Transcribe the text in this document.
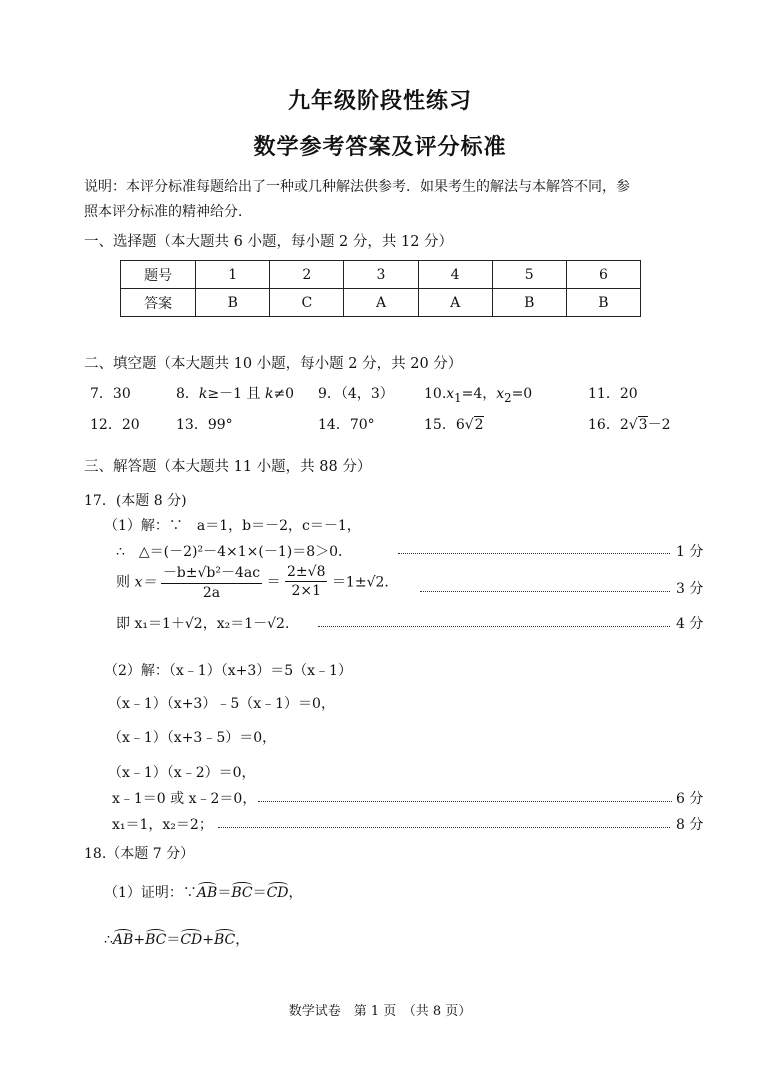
九年级阶段性练习
数学参考答案及评分标准
说明：本评分标准每题给出了一种或几种解法供参考．如果考生的解法与本解答不同，参
照本评分标准的精神给分．
一、选择题（本大题共 6 小题，每小题 2 分，共 12 分）
题号	1	2	3	4	5	6
答案	B	C	A	A	B	B
二、填空题（本大题共 10 小题，每小题 2 分，共 20 分）
7．30	8．k≥－1 且 k≠0 9．（4，3） $10.x_1=4$，$x_2=0$	11．20
12．20	13．99°	14．70°	15．6√2	16．2√3－2
三、解答题（本大题共 11 小题，共 88 分）
17．(本题 8 分)
（1）解：∵　a＝1，b＝－2，c＝－1，
∴　△＝(－2)²－4×1×(－1)＝8＞0．	1 分
则 $x= \frac{\text{－b±√b²－4ac}}{2a} = \frac{2\pm√8}{2\times 1} =1\pm√2$.	3 分
即 x₁＝1＋√2，x₂＝1－√2.	4 分
（2）解：（x﹣1）（x+3）＝5（x﹣1）
（x﹣1）（x+3）﹣5（x﹣1）＝0，
（x﹣1）（x+3﹣5）＝0，
（x﹣1）（x﹣2）＝0，
x﹣1＝0 或 x﹣2＝0，	6 分
x₁＝1，x₂＝2；	8 分
18.（本题 7 分）
（1）证明：∵AB＝BC＝CD，
∴AB+BC＝CD+BC，
数学试卷　第 1 页　（共 8 页）
